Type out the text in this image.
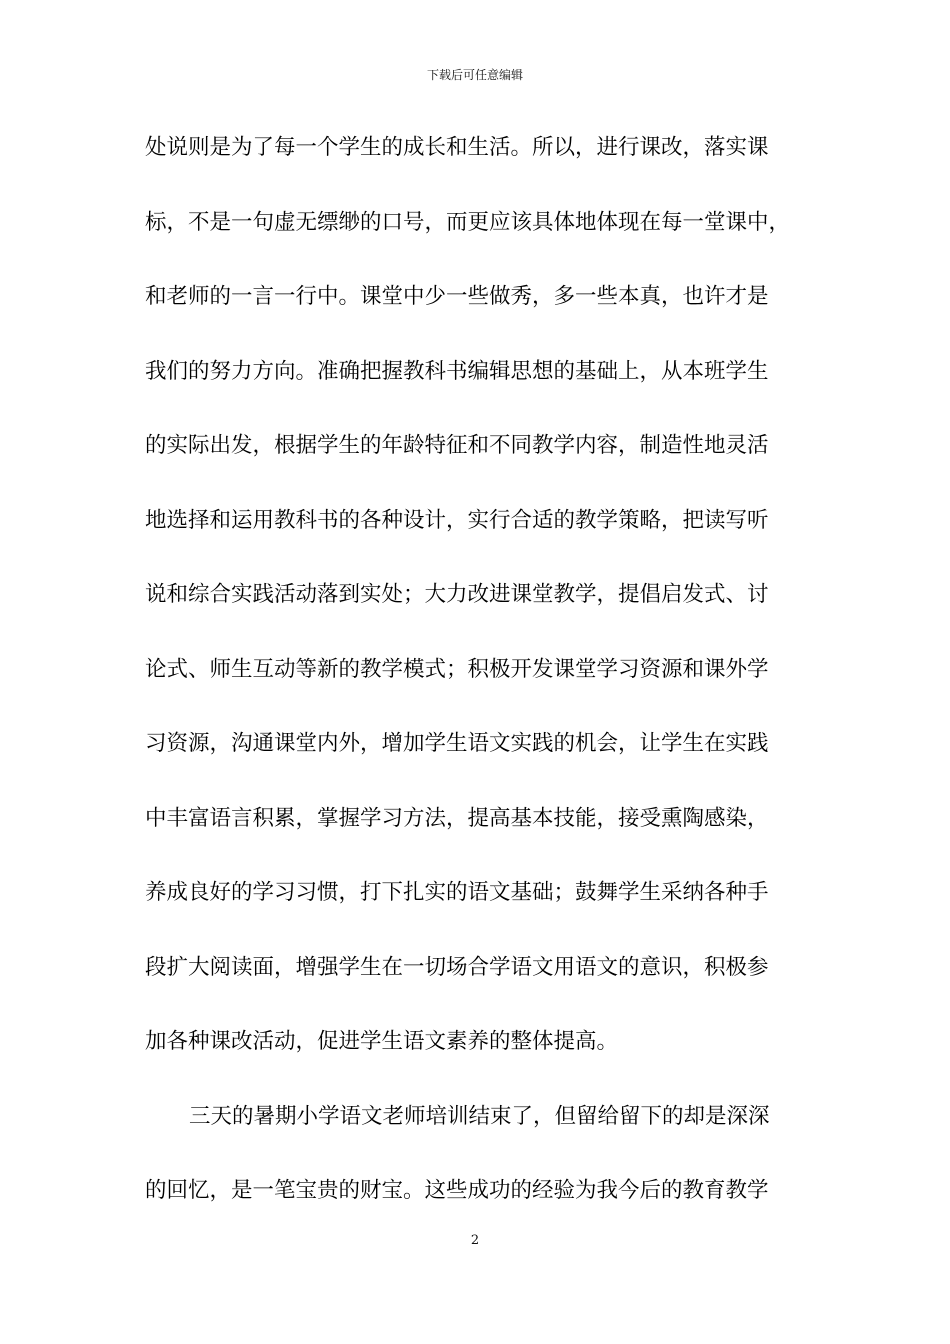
下载后可任意编辑
处说则是为了每一个学生的成长和生活。所以，进行课改，落实课
标，不是一句虚无缥缈的口号，而更应该具体地体现在每一堂课中，
和老师的一言一行中。课堂中少一些做秀，多一些本真，也许才是
我们的努力方向。准确把握教科书编辑思想的基础上，从本班学生
的实际出发，根据学生的年龄特征和不同教学内容，制造性地灵活
地选择和运用教科书的各种设计，实行合适的教学策略，把读写听
说和综合实践活动落到实处；大力改进课堂教学，提倡启发式、讨
论式、师生互动等新的教学模式；积极开发课堂学习资源和课外学
习资源，沟通课堂内外，增加学生语文实践的机会，让学生在实践
中丰富语言积累，掌握学习方法，提高基本技能，接受熏陶感染，
养成良好的学习习惯，打下扎实的语文基础；鼓舞学生采纳各种手
段扩大阅读面，增强学生在一切场合学语文用语文的意识，积极参
加各种课改活动，促进学生语文素养的整体提高。
三天的暑期小学语文老师培训结束了，但留给留下的却是深深
的回忆，是一笔宝贵的财宝。这些成功的经验为我今后的教育教学
2
